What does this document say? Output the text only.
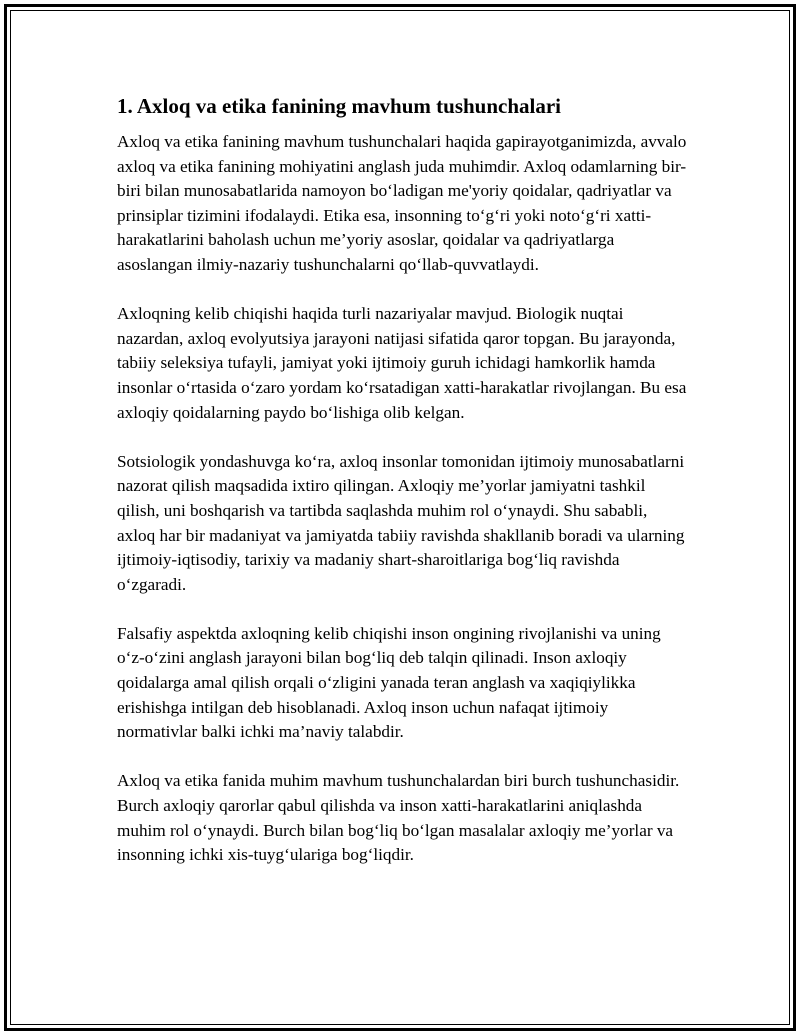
1. Axloq va etika fanining mavhum tushunchalari

Axloq va etika fanining mavhum tushunchalari haqida gapirayotganimizda, avvalo axloq va etika fanining mohiyatini anglash juda muhimdir. Axloq odamlarning bir-biri bilan munosabatlarida namoyon bo‘ladigan me'yoriy qoidalar, qadriyatlar va prinsiplar tizimini ifodalaydi. Etika esa, insonning to‘g‘ri yoki noto‘g‘ri xatti-harakatlarini baholash uchun me’yoriy asoslar, qoidalar va qadriyatlarga asoslangan ilmiy-nazariy tushunchalarni qo‘llab-quvvatlaydi.

Axloqning kelib chiqishi haqida turli nazariyalar mavjud. Biologik nuqtai nazardan, axloq evolyutsiya jarayoni natijasi sifatida qaror topgan. Bu jarayonda, tabiiy seleksiya tufayli, jamiyat yoki ijtimoiy guruh ichidagi hamkorlik hamda insonlar o‘rtasida o‘zaro yordam ko‘rsatadigan xatti-harakatlar rivojlangan. Bu esa axloqiy qoidalarning paydo bo‘lishiga olib kelgan.

Sotsiologik yondashuvga ko‘ra, axloq insonlar tomonidan ijtimoiy munosabatlarni nazorat qilish maqsadida ixtiro qilingan. Axloqiy me’yorlar jamiyatni tashkil qilish, uni boshqarish va tartibda saqlashda muhim rol o‘ynaydi. Shu sababli, axloq har bir madaniyat va jamiyatda tabiiy ravishda shakllanib boradi va ularning ijtimoiy-iqtisodiy, tarixiy va madaniy shart-sharoitlariga bog‘liq ravishda o‘zgaradi.

Falsafiy aspektda axloqning kelib chiqishi inson ongining rivojlanishi va uning o‘z-o‘zini anglash jarayoni bilan bog‘liq deb talqin qilinadi. Inson axloqiy qoidalarga amal qilish orqali o‘zligini yanada teran anglash va xaqiqiylikka erishishga intilgan deb hisoblanadi. Axloq inson uchun nafaqat ijtimoiy normativlar balki ichki ma’naviy talabdir.

Axloq va etika fanida muhim mavhum tushunchalardan biri burch tushunchasidir. Burch axloqiy qarorlar qabul qilishda va inson xatti-harakatlarini aniqlashda muhim rol o‘ynaydi. Burch bilan bog‘liq bo‘lgan masalalar axloqiy me’yorlar va insonning ichki xis-tuyg‘ulariga bog‘liqdir.
